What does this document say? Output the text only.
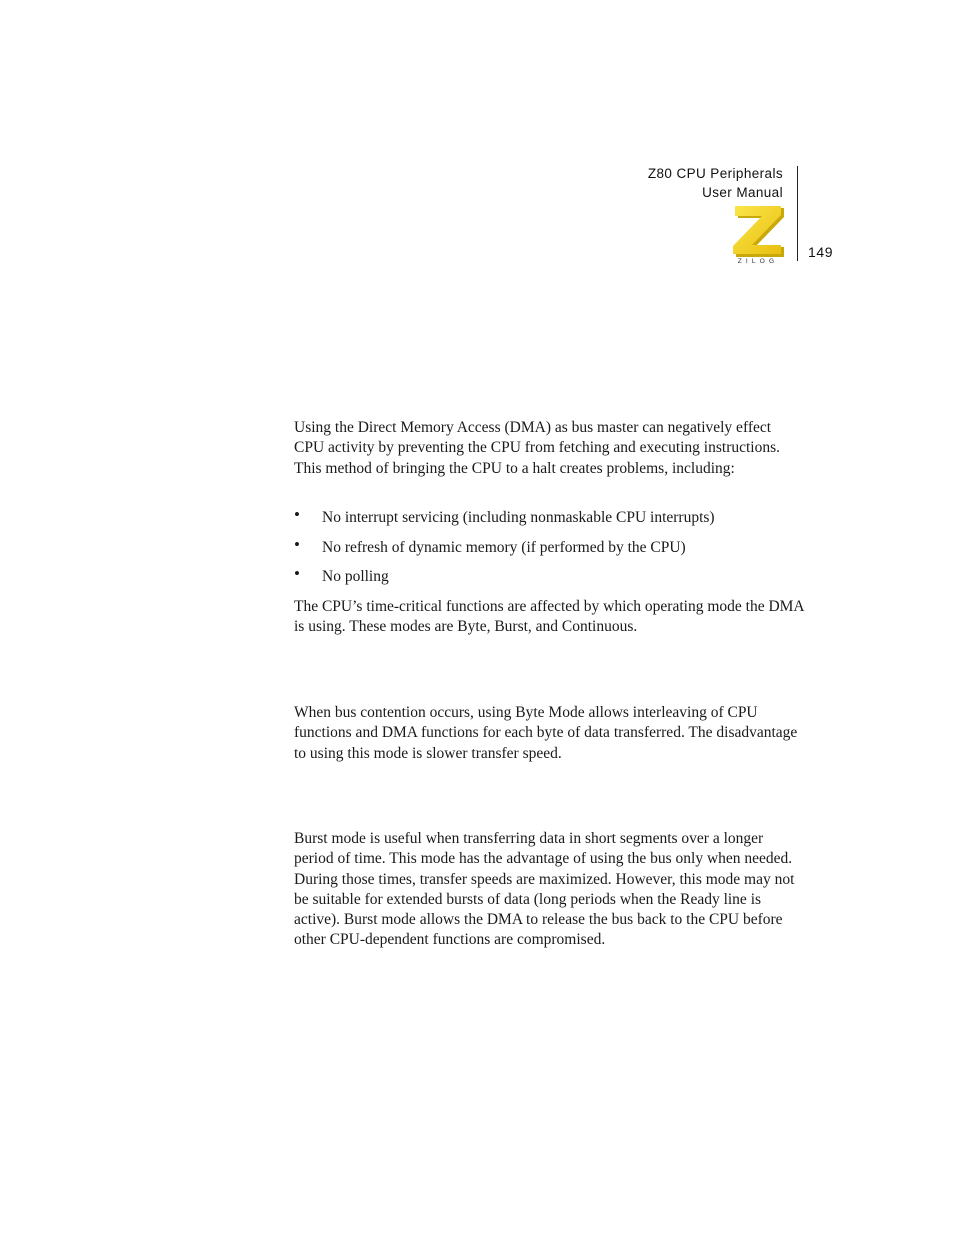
Z80 CPU Peripherals
User Manual
ZILOG
149

Using the Direct Memory Access (DMA) as bus master can negatively effect CPU activity by preventing the CPU from fetching and executing instructions. This method of bringing the CPU to a halt creates problems, including:

• No interrupt servicing (including nonmaskable CPU interrupts)
• No refresh of dynamic memory (if performed by the CPU)
• No polling

The CPU’s time-critical functions are affected by which operating mode the DMA is using. These modes are Byte, Burst, and Continuous.

When bus contention occurs, using Byte Mode allows interleaving of CPU functions and DMA functions for each byte of data transferred. The disadvantage to using this mode is slower transfer speed.

Burst mode is useful when transferring data in short segments over a longer period of time. This mode has the advantage of using the bus only when needed. During those times, transfer speeds are maximized. However, this mode may not be suitable for extended bursts of data (long periods when the Ready line is active). Burst mode allows the DMA to release the bus back to the CPU before other CPU-dependent functions are compromised.
